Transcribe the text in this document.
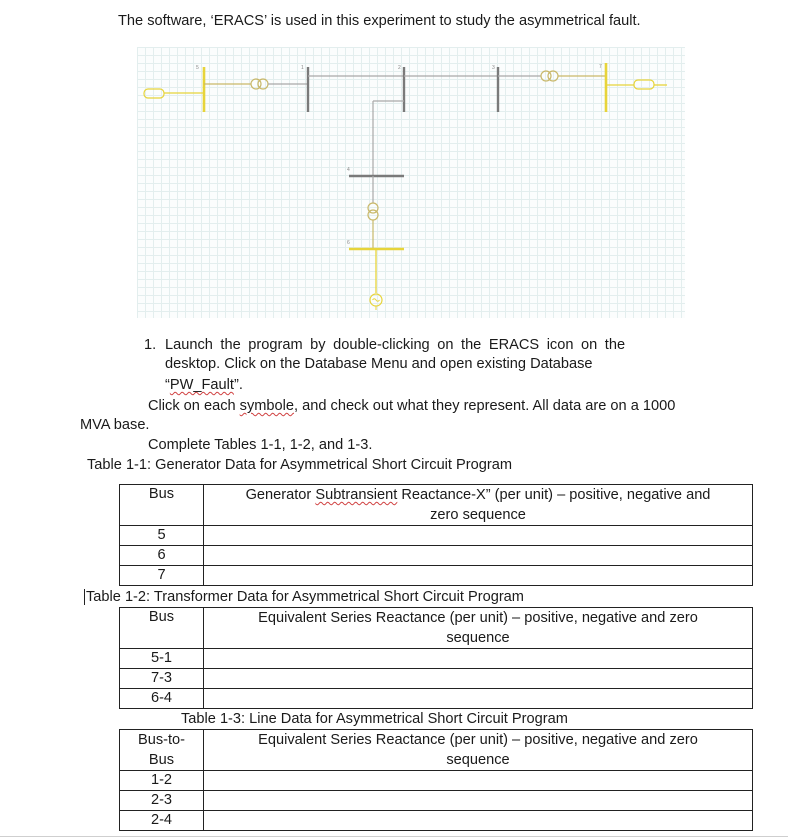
The software, ‘ERACS’ is used in this experiment to study the asymmetrical fault.
5	1	2	3	7
4
6
1. Launch the program by double-clicking on the ERACS icon on the
desktop. Click on the Database Menu and open existing Database
“PW_Fault”.
Click on each symbole, and check out what they represent. All data are on a 1000
MVA base.
Complete Tables 1-1, 1-2, and 1-3.
Table 1-1: Generator Data for Asymmetrical Short Circuit Program
Bus	Generator Subtransient Reactance-X” (per unit) – positive, negative and
zero sequence
5	
6	
7	
Table 1-2: Transformer Data for Asymmetrical Short Circuit Program
Bus	Equivalent Series Reactance (per unit) – positive, negative and zero
sequence
5-1	
7-3	
6-4	
Table 1-3: Line Data for Asymmetrical Short Circuit Program
Bus-to-
Bus	Equivalent Series Reactance (per unit) – positive, negative and zero
sequence
1-2	
2-3	
2-4	
